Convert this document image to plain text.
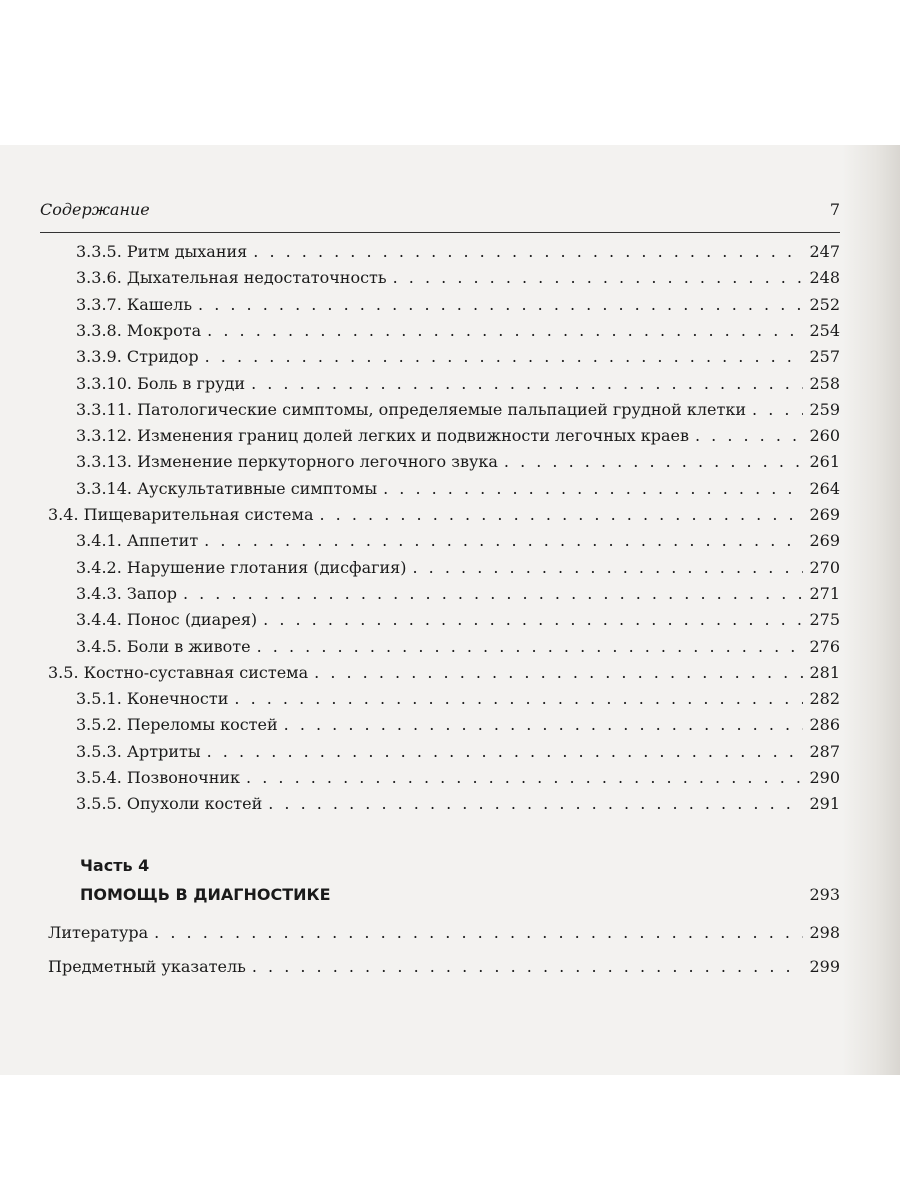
Содержание	7
3.3.5. Ритм дыхания . . .	247
3.3.6. Дыхательная недостаточность . . .	248
3.3.7. Кашель . . .	252
3.3.8. Мокрота . . .	254
3.3.9. Стридор . . .	257
3.3.10. Боль в груди . . .	258
3.3.11. Патологические симптомы, определяемые пальпацией грудной клетки . . .	259
3.3.12. Изменения границ долей легких и подвижности легочных краев . . .	260
3.3.13. Изменение перкуторного легочного звука . . .	261
3.3.14. Аускультативные симптомы . . .	264
3.4. Пищеварительная система . . .	269
3.4.1. Аппетит . . .	269
3.4.2. Нарушение глотания (дисфагия) . . .	270
3.4.3. Запор . . .	271
3.4.4. Понос (диарея) . . .	275
3.4.5. Боли в животе . . .	276
3.5. Костно-суставная система . . .	281
3.5.1. Конечности . . .	282
3.5.2. Переломы костей . . .	286
3.5.3. Артриты . . .	287
3.5.4. Позвоночник . . .	290
3.5.5. Опухоли костей . . .	291
Часть 4
ПОМОЩЬ В ДИАГНОСТИКЕ	293
Литература . . .	298
Предметный указатель . . .	299
